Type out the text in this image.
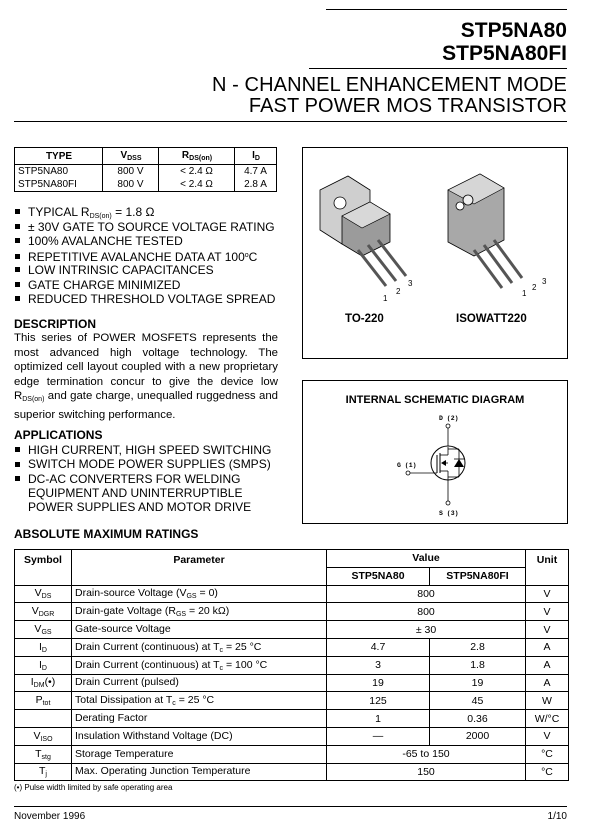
STP5NA80
STP5NA80FI
N - CHANNEL ENHANCEMENT MODE
FAST POWER MOS TRANSISTOR
TYPE	$V_{DSS}$	$R_{DS(on)}$	$I_D$
STP5NA80	800 V	< 2.4 Ω	4.7 A
STP5NA80FI	800 V	< 2.4 Ω	2.8 A
TYPICAL $R_{DS(on)} = 1.8$ Ω
± 30V GATE TO SOURCE VOLTAGE RATING
100% AVALANCHE TESTED
REPETITIVE AVALANCHE DATA AT 100$^o$C
LOW INTRINSIC CAPACITANCES
GATE CHARGE MINIMIZED
REDUCED THRESHOLD VOLTAGE SPREAD
DESCRIPTION
This series of POWER MOSFETS represents the most advanced high voltage technology. The optimized cell layout coupled with a new proprietary edge termination concur to give the device low $R_{DS(on)}$ and gate charge, unequalled ruggedness and superior switching performance.
APPLICATIONS
HIGH CURRENT, HIGH SPEED SWITCHING
SWITCH MODE POWER SUPPLIES (SMPS)
DC-AC CONVERTERS FOR WELDING
EQUIPMENT AND UNINTERRUPTIBLE
POWER SUPPLIES AND MOTOR DRIVE
1
2
3
1
2
3
TO-220	ISOWATT220
INTERNAL SCHEMATIC DIAGRAM
D (2)
G (1)
S (3)
ABSOLUTE MAXIMUM RATINGS
Symbol	Parameter	Value		Unit
		STP5NA80	STP5NA80FI	
$V_{DS}$	Drain-source Voltage $(V_{GS} = 0)$	800		V
$V_{DGR}$	Drain-gate Voltage ($R_{GS} = 20$ kΩ)	800		V
$V_{GS}$	Gate-source Voltage	± 30		V
$I_D$	Drain Current (continuous) at $T_c = 25$ °C	4.7	2.8	A
$I_D$	Drain Current (continuous) at $T_c = 100$ °C	3	1.8	A
$I_{DM}(•)$	Drain Current (pulsed)	19	19	A
$P_{tot}$	Total Dissipation at $T_c = 25$ °C	125	45	W
	Derating Factor	1	0.36	W/°C
$V_{ISO}$	Insulation Withstand Voltage (DC)	—	2000	V
$T_{stg}$	Storage Temperature	-65 to 150		°C
$T_j$	Max. Operating Junction Temperature	150		°C
(•) Pulse width limited by safe operating area
November 1996	1/10
